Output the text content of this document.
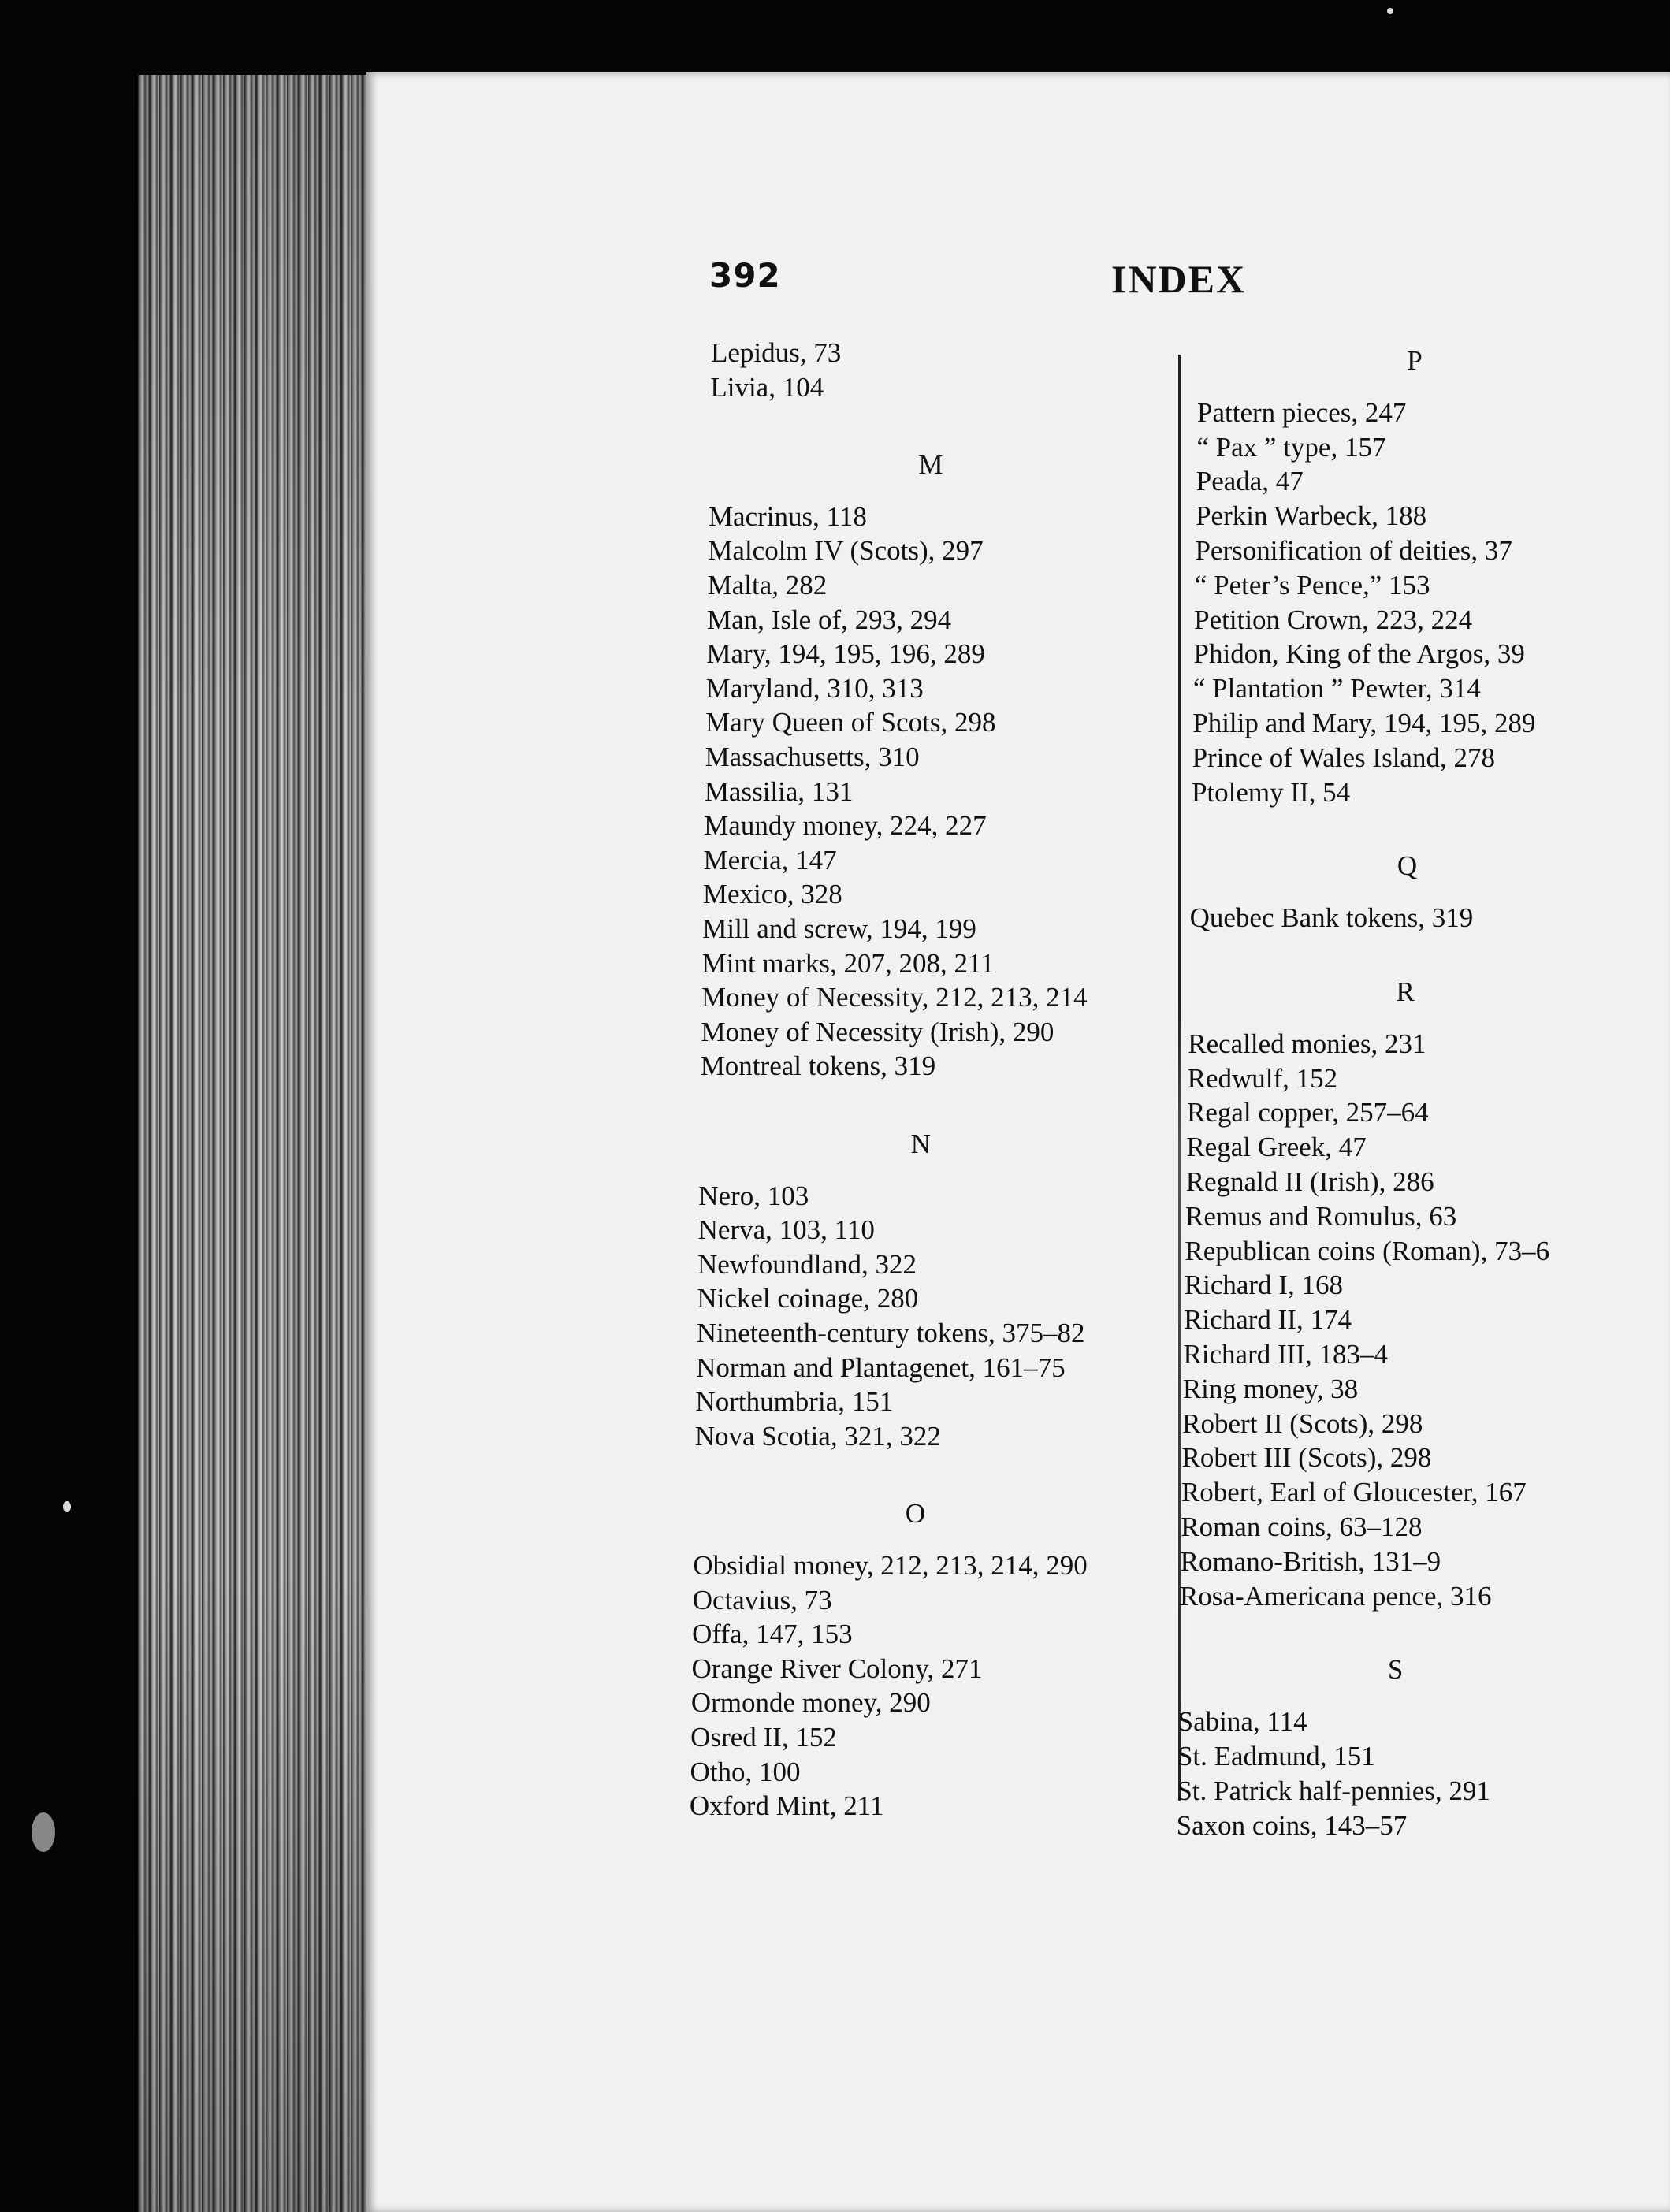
392	INDEX
Lepidus, 73
Livia, 104
M
Macrinus, 118
Malcolm IV (Scots), 297
Malta, 282
Man, Isle of, 293, 294
Mary, 194, 195, 196, 289
Maryland, 310, 313
Mary Queen of Scots, 298
Massachusetts, 310
Massilia, 131
Maundy money, 224, 227
Mercia, 147
Mexico, 328
Mill and screw, 194, 199
Mint marks, 207, 208, 211
Money of Necessity, 212, 213, 214
Money of Necessity (Irish), 290
Montreal tokens, 319
N
Nero, 103
Nerva, 103, 110
Newfoundland, 322
Nickel coinage, 280
Nineteenth-century tokens, 375–82
Norman and Plantagenet, 161–75
Northumbria, 151
Nova Scotia, 321, 322
O
Obsidial money, 212, 213, 214, 290
Octavius, 73
Offa, 147, 153
Orange River Colony, 271
Ormonde money, 290
Osred II, 152
Otho, 100
Oxford Mint, 211
P
Pattern pieces, 247
“ Pax ” type, 157
Peada, 47
Perkin Warbeck, 188
Personification of deities, 37
“ Peter’s Pence,” 153
Petition Crown, 223, 224
Phidon, King of the Argos, 39
“ Plantation ” Pewter, 314
Philip and Mary, 194, 195, 289
Prince of Wales Island, 278
Ptolemy II, 54
Q
Quebec Bank tokens, 319
R
Recalled monies, 231
Redwulf, 152
Regal copper, 257–64
Regal Greek, 47
Regnald II (Irish), 286
Remus and Romulus, 63
Republican coins (Roman), 73–6
Richard I, 168
Richard II, 174
Richard III, 183–4
Ring money, 38
Robert II (Scots), 298
Robert III (Scots), 298
Robert, Earl of Gloucester, 167
Roman coins, 63–128
Romano-British, 131–9
Rosa-Americana pence, 316
S
Sabina, 114
St. Eadmund, 151
St. Patrick half-pennies, 291
Saxon coins, 143–57
